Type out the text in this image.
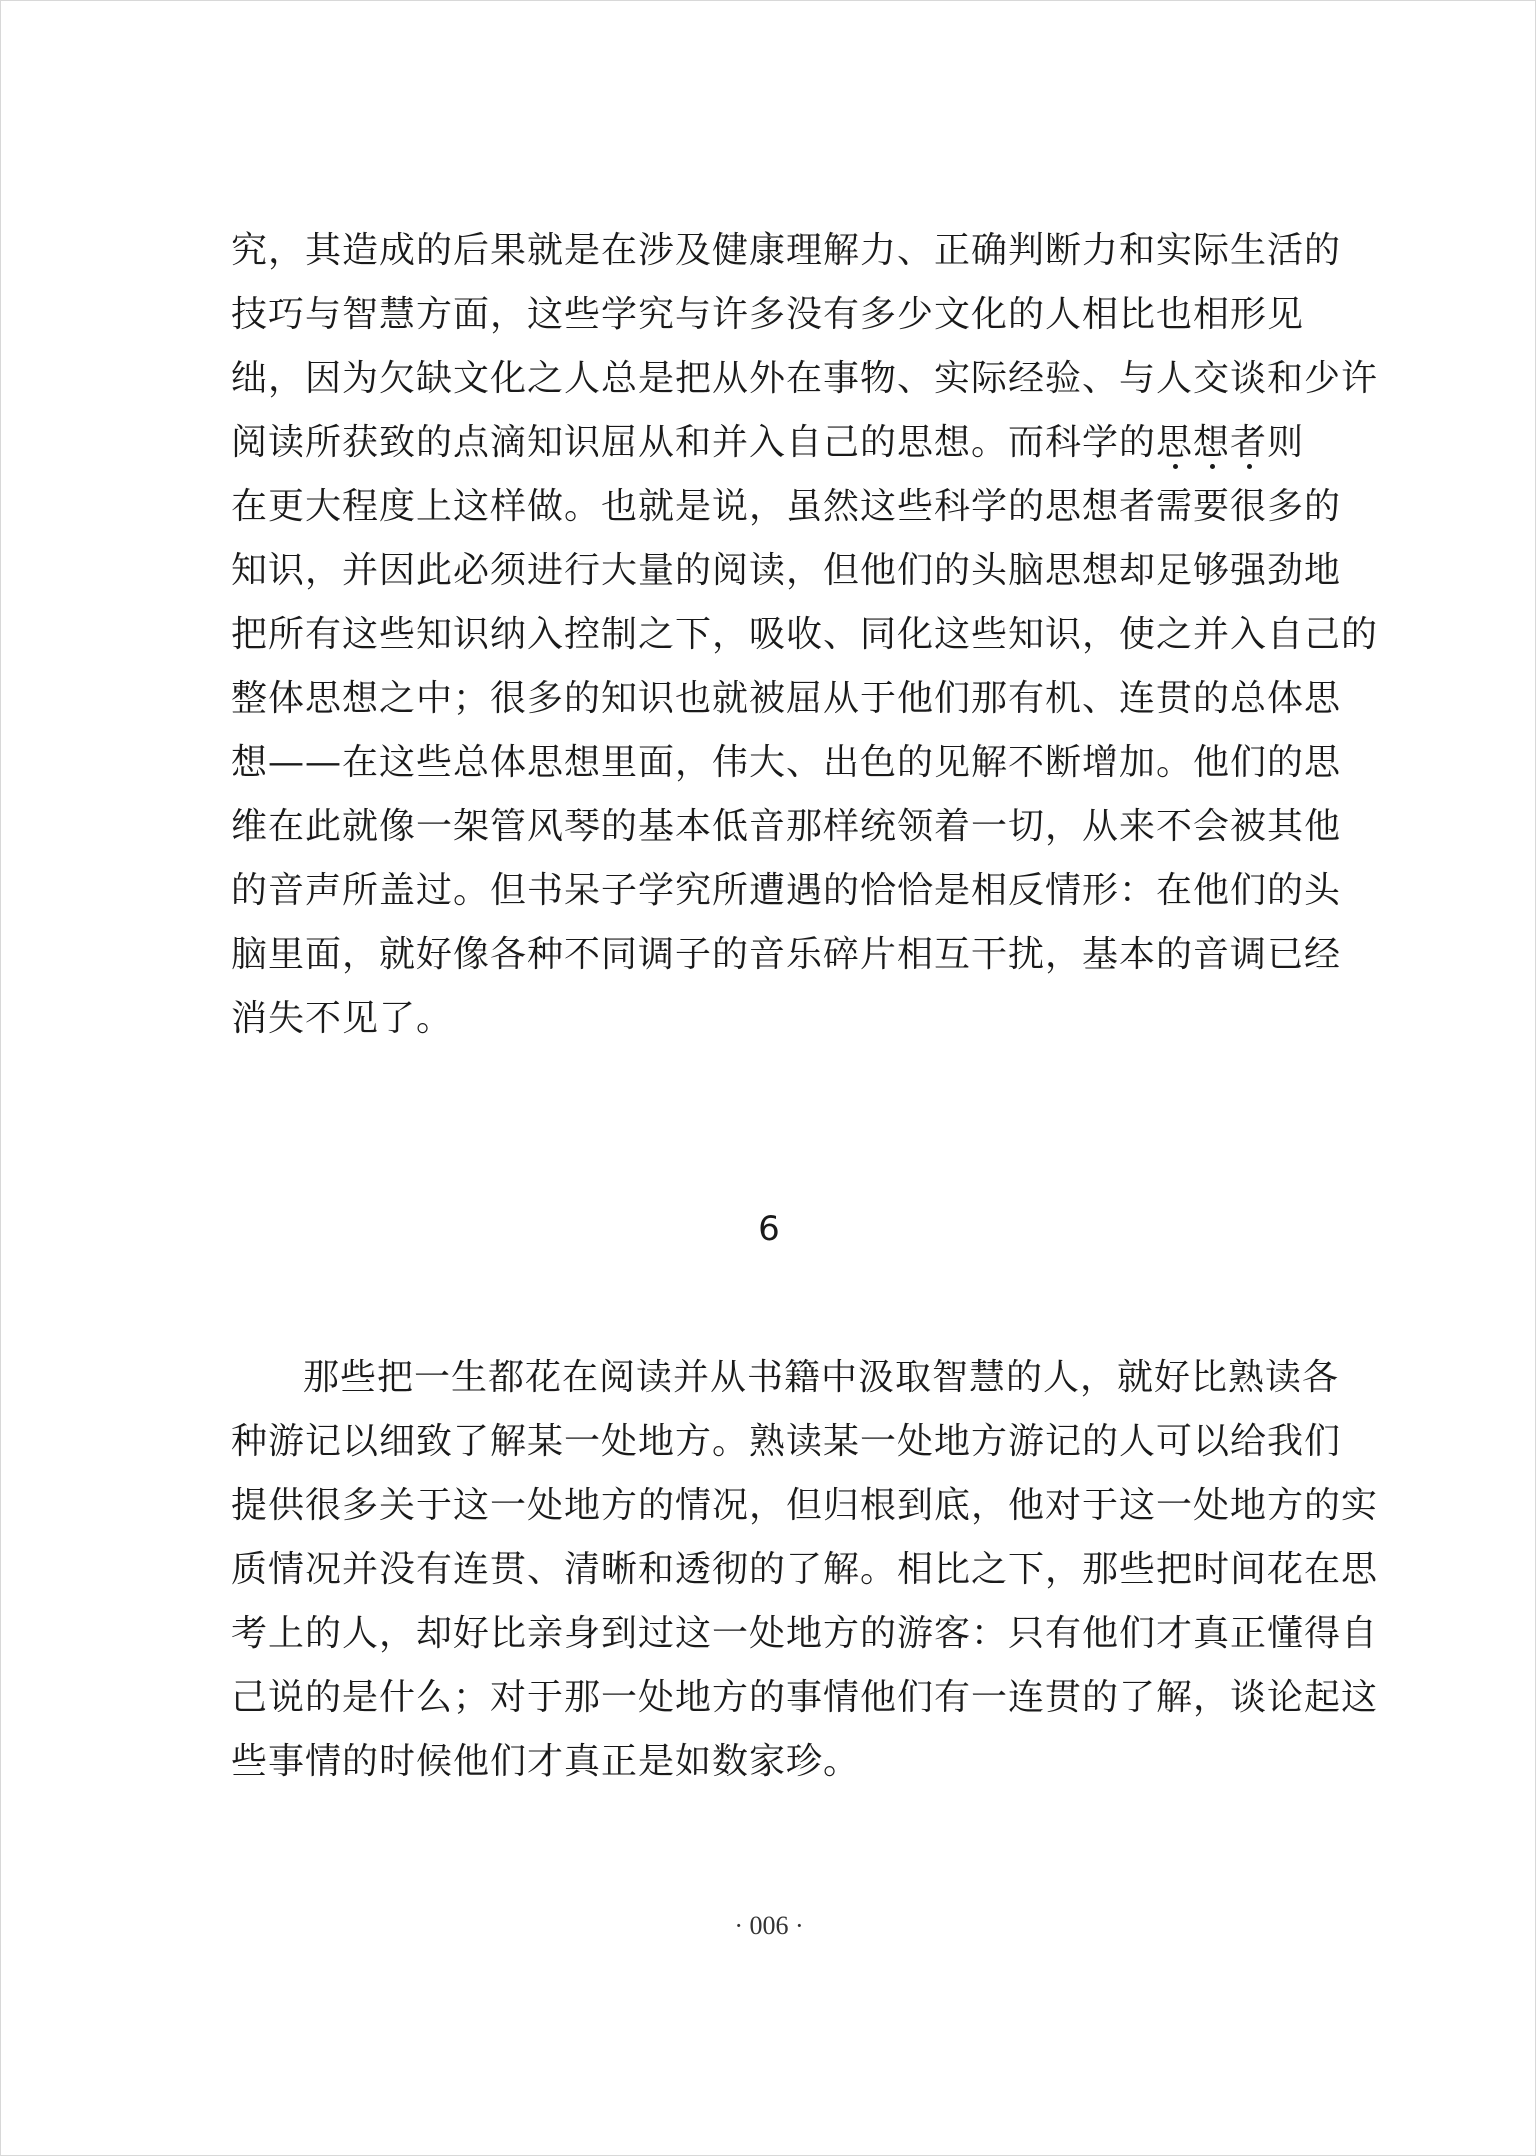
究，其造成的后果就是在涉及健康理解力、正确判断力和实际生活的
技巧与智慧方面，这些学究与许多没有多少文化的人相比也相形见
绌，因为欠缺文化之人总是把从外在事物、实际经验、与人交谈和少许
阅读所获致的点滴知识屈从和并入自己的思想。而科学的思
想
者
则
在更大程度上这样做。也就是说，虽然这些科学的思想者需要很多的
知识，并因此必须进行大量的阅读，但他们的头脑思想却足够强劲地
把所有这些知识纳入控制之下，吸收、同化这些知识，使之并入自己的
整体思想之中；很多的知识也就被屈从于他们那有机、连贯的总体思
想——在这些总体思想里面，伟大、出色的见解不断增加。他们的思
维在此就像一架管风琴的基本低音那样统领着一切，从来不会被其他
的音声所盖过。但书呆子学究所遭遇的恰恰是相反情形：在他们的头
脑里面，就好像各种不同调子的音乐碎片相互干扰，基本的音调已经
消失不见了。
6
那些把一生都花在阅读并从书籍中汲取智慧的人，就好比熟读各
种游记以细致了解某一处地方。熟读某一处地方游记的人可以给我们
提供很多关于这一处地方的情况，但归根到底，他对于这一处地方的实
质情况并没有连贯、清晰和透彻的了解。相比之下，那些把时间花在思
考上的人，却好比亲身到过这一处地方的游客：只有他们才真正懂得自
己说的是什么；对于那一处地方的事情他们有一连贯的了解，谈论起这
些事情的时候他们才真正是如数家珍。
· 006 ·
